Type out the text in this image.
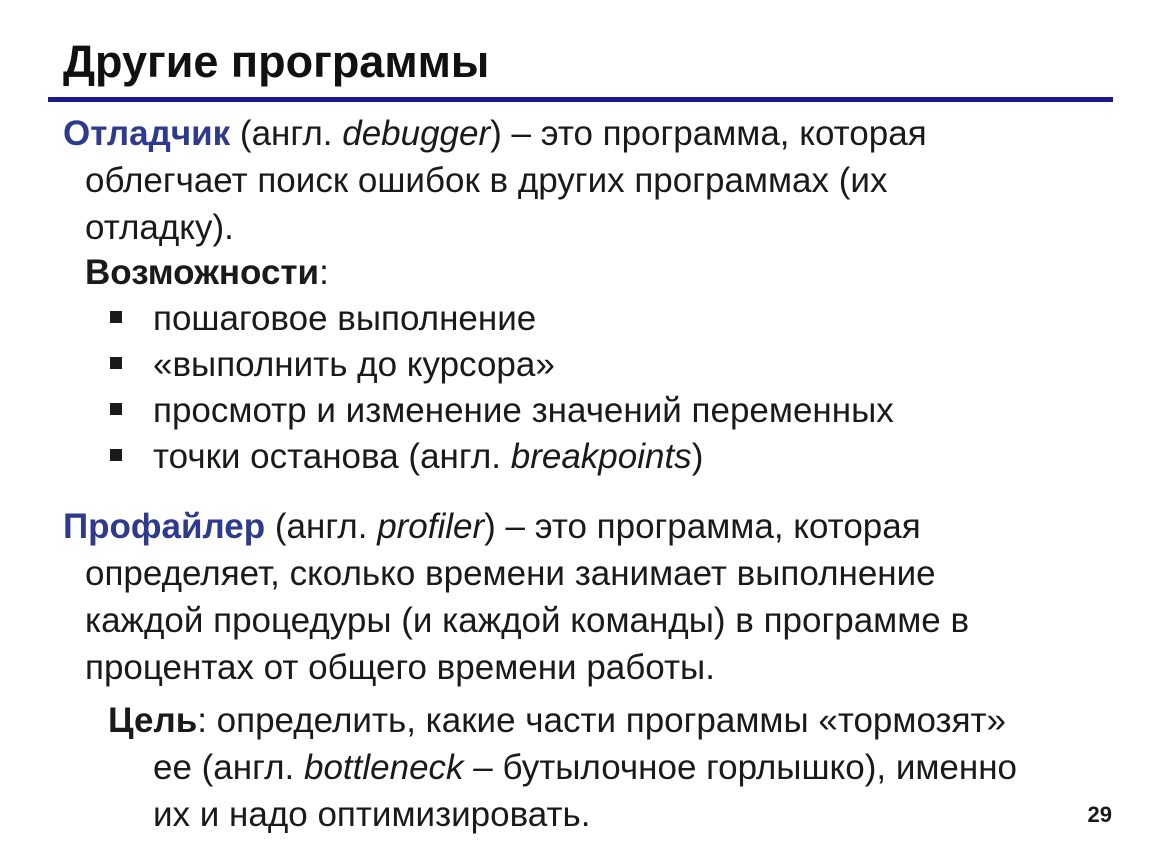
Другие программы
Отладчик (англ. debugger) – это программа, которая
облегчает поиск ошибок в других программах (их
отладку).
Возможности:
пошаговое выполнение
«выполнить до курсора»
просмотр и изменение значений переменных
точки останова (англ. breakpoints)
Профайлер (англ. profiler) – это программа, которая
определяет, сколько времени занимает выполнение
каждой процедуры (и каждой команды) в программе в
процентах от общего времени работы.
Цель: определить, какие части программы «тормозят»
ее (англ. bottleneck – бутылочное горлышко), именно
их и надо оптимизировать.	29
